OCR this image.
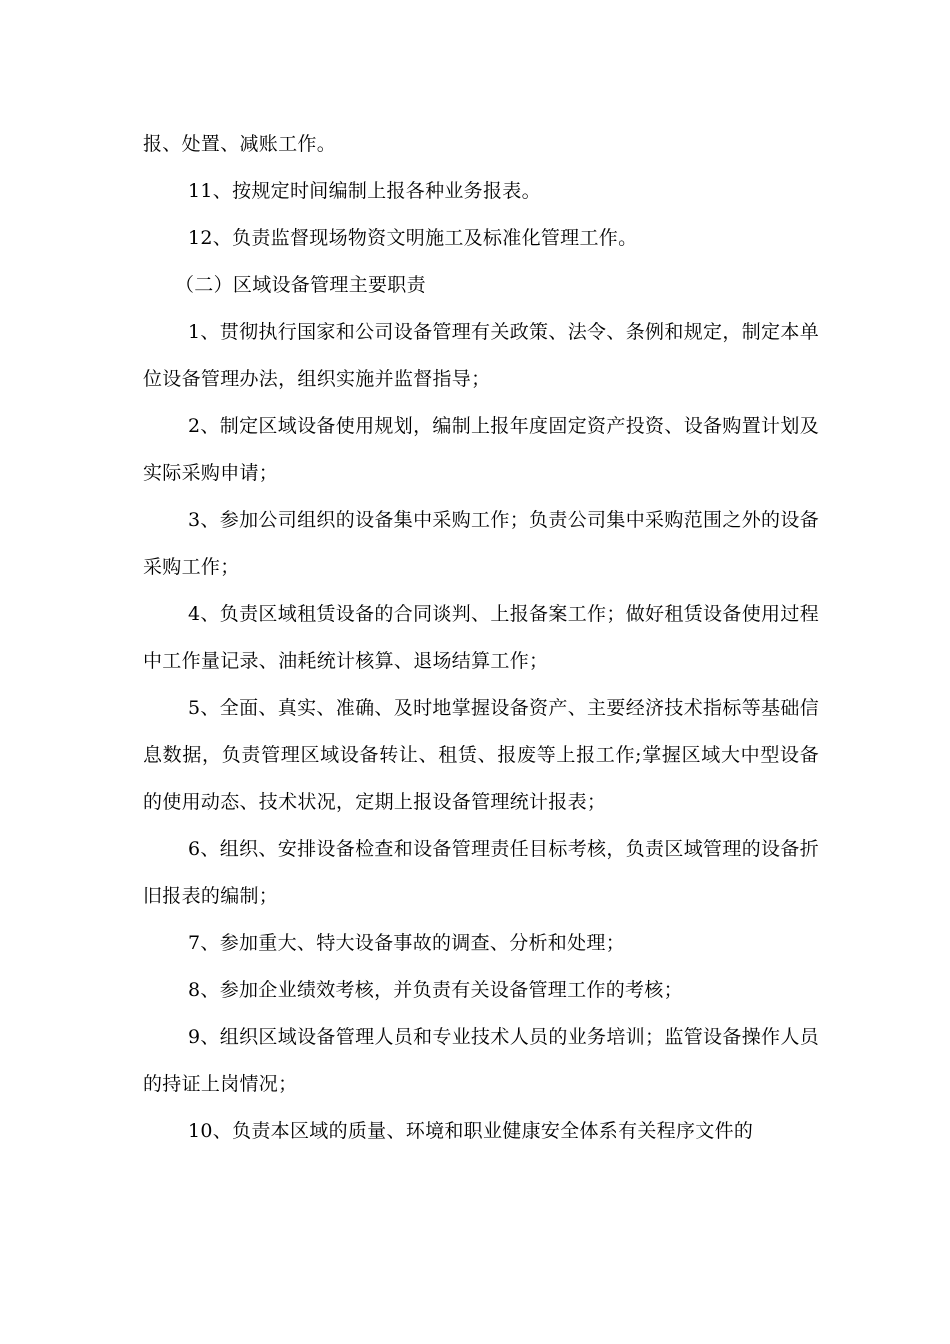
报、处置、减账工作。

11、按规定时间编制上报各种业务报表。

12、负责监督现场物资文明施工及标准化管理工作。

（二）区域设备管理主要职责

1、贯彻执行国家和公司设备管理有关政策、法令、条例和规定，制定本单位设备管理办法，组织实施并监督指导；

2、制定区域设备使用规划，编制上报年度固定资产投资、设备购置计划及实际采购申请；

3、参加公司组织的设备集中采购工作；负责公司集中采购范围之外的设备采购工作；

4、负责区域租赁设备的合同谈判、上报备案工作；做好租赁设备使用过程中工作量记录、油耗统计核算、退场结算工作；

5、全面、真实、准确、及时地掌握设备资产、主要经济技术指标等基础信息数据，负责管理区域设备转让、租赁、报废等上报工作;掌握区域大中型设备的使用动态、技术状况，定期上报设备管理统计报表；

6、组织、安排设备检查和设备管理责任目标考核，负责区域管理的设备折旧报表的编制；

7、参加重大、特大设备事故的调查、分析和处理；

8、参加企业绩效考核，并负责有关设备管理工作的考核；

9、组织区域设备管理人员和专业技术人员的业务培训；监管设备操作人员的持证上岗情况；

10、负责本区域的质量、环境和职业健康安全体系有关程序文件的
